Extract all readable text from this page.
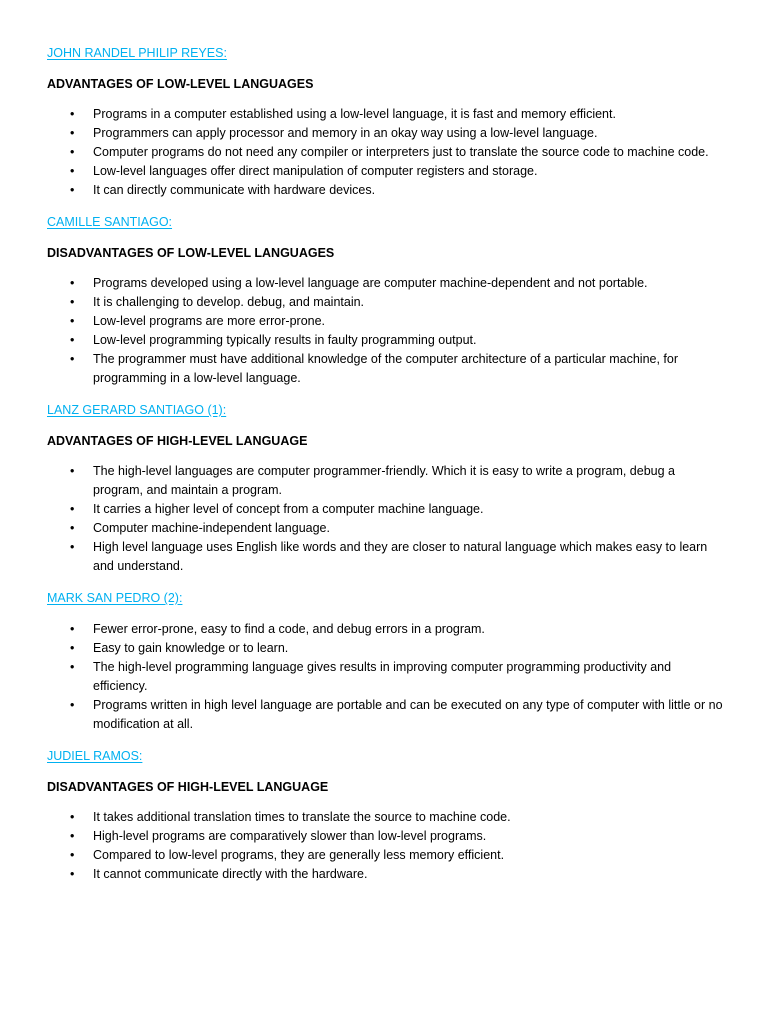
JOHN RANDEL PHILIP REYES:
ADVANTAGES OF LOW-LEVEL LANGUAGES
• Programs in a computer established using a low-level language, it is fast and memory efficient.
• Programmers can apply processor and memory in an okay way using a low-level language.
• Computer programs do not need any compiler or interpreters just to translate the source code to machine code.
• Low-level languages offer direct manipulation of computer registers and storage.
• It can directly communicate with hardware devices.
CAMILLE SANTIAGO:
DISADVANTAGES OF LOW-LEVEL LANGUAGES
• Programs developed using a low-level language are computer machine-dependent and not portable.
• It is challenging to develop. debug, and maintain.
• Low-level programs are more error-prone.
• Low-level programming typically results in faulty programming output.
• The programmer must have additional knowledge of the computer architecture of a particular machine, for programming in a low-level language.
LANZ GERARD SANTIAGO (1):
ADVANTAGES OF HIGH-LEVEL LANGUAGE
• The high-level languages are computer programmer-friendly. Which it is easy to write a program, debug a program, and maintain a program.
• It carries a higher level of concept from a computer machine language.
• Computer machine-independent language.
• High level language uses English like words and they are closer to natural language which makes easy to learn and understand.
MARK SAN PEDRO (2):
• Fewer error-prone, easy to find a code, and debug errors in a program.
• Easy to gain knowledge or to learn.
• The high-level programming language gives results in improving computer programming productivity and efficiency.
• Programs written in high level language are portable and can be executed on any type of computer with little or no modification at all.
JUDIEL RAMOS:
DISADVANTAGES OF HIGH-LEVEL LANGUAGE
• It takes additional translation times to translate the source to machine code.
• High-level programs are comparatively slower than low-level programs.
• Compared to low-level programs, they are generally less memory efficient.
• It cannot communicate directly with the hardware.
